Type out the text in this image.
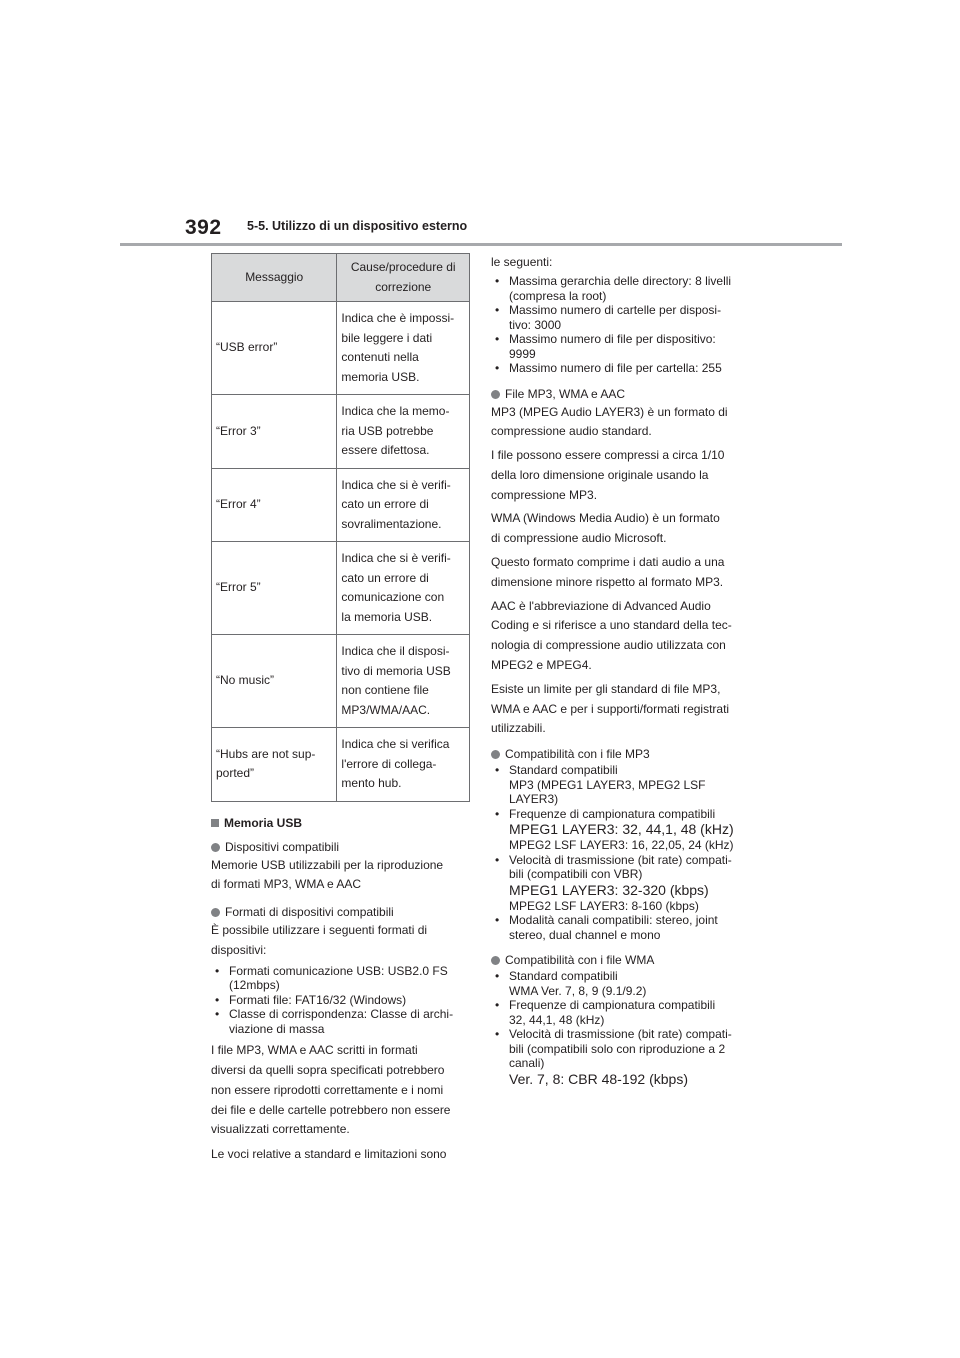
392 5-5. Utilizzo di un dispositivo esterno
Messaggio	Cause/procedure di
correzione

“USB error”	Indica che è impossi-
bile leggere i dati
contenuti nella
memoria USB.

“Error 3”	Indica che la memo-
ria USB potrebbe
essere difettosa.

“Error 4”	Indica che si è verifi-
cato un errore di
sovralimentazione.

“Error 5”	Indica che si è verifi-
cato un errore di
comunicazione con
la memoria USB.

“No music”	Indica che il disposi-
tivo di memoria USB
non contiene file
MP3/WMA/AAC.

“Hubs are not sup-
ported”	Indica che si verifica
l'errore di collega-
mento hub.

Memoria USB

Dispositivi compatibili

Memorie USB utilizzabili per la riproduzione
di formati MP3, WMA e AAC

Formati di dispositivi compatibili

È possibile utilizzare i seguenti formati di
dispositivi:

• Formati comunicazione USB: USB2.0 FS
(12mbps)
• Formati file: FAT16/32 (Windows)
• Classe di corrispondenza: Classe di archi-
viazione di massa

I file MP3, WMA e AAC scritti in formati
diversi da quelli sopra specificati potrebbero
non essere riprodotti correttamente e i nomi
dei file e delle cartelle potrebbero non essere
visualizzati correttamente.

Le voci relative a standard e limitazioni sono

le seguenti:

• Massima gerarchia delle directory: 8 livelli
(compresa la root)
• Massimo numero di cartelle per disposi-
tivo: 3000
• Massimo numero di file per dispositivo:
9999
• Massimo numero di file per cartella: 255

File MP3, WMA e AAC

MP3 (MPEG Audio LAYER3) è un formato di
compressione audio standard.

I file possono essere compressi a circa 1/10
della loro dimensione originale usando la
compressione MP3.

WMA (Windows Media Audio) è un formato
di compressione audio Microsoft.

Questo formato comprime i dati audio a una
dimensione minore rispetto al formato MP3.

AAC è l'abbreviazione di Advanced Audio
Coding e si riferisce a uno standard della tec-
nologia di compressione audio utilizzata con
MPEG2 e MPEG4.

Esiste un limite per gli standard di file MP3,
WMA e AAC e per i supporti/formati registrati
utilizzabili.

Compatibilità con i file MP3

• Standard compatibili
MP3 (MPEG1 LAYER3, MPEG2 LSF
LAYER3)
• Frequenze di campionatura compatibili
MPEG1 LAYER3: 32, 44,1, 48 (kHz)
MPEG2 LSF LAYER3: 16, 22,05, 24 (kHz)
• Velocità di trasmissione (bit rate) compati-
bili (compatibili con VBR)
MPEG1 LAYER3: 32-320 (kbps)
MPEG2 LSF LAYER3: 8-160 (kbps)
• Modalità canali compatibili: stereo, joint
stereo, dual channel e mono

Compatibilità con i file WMA

• Standard compatibili
WMA Ver. 7, 8, 9 (9.1/9.2)
• Frequenze di campionatura compatibili
32, 44,1, 48 (kHz)
• Velocità di trasmissione (bit rate) compati-
bili (compatibili solo con riproduzione a 2
canali)
Ver. 7, 8: CBR 48-192 (kbps)
